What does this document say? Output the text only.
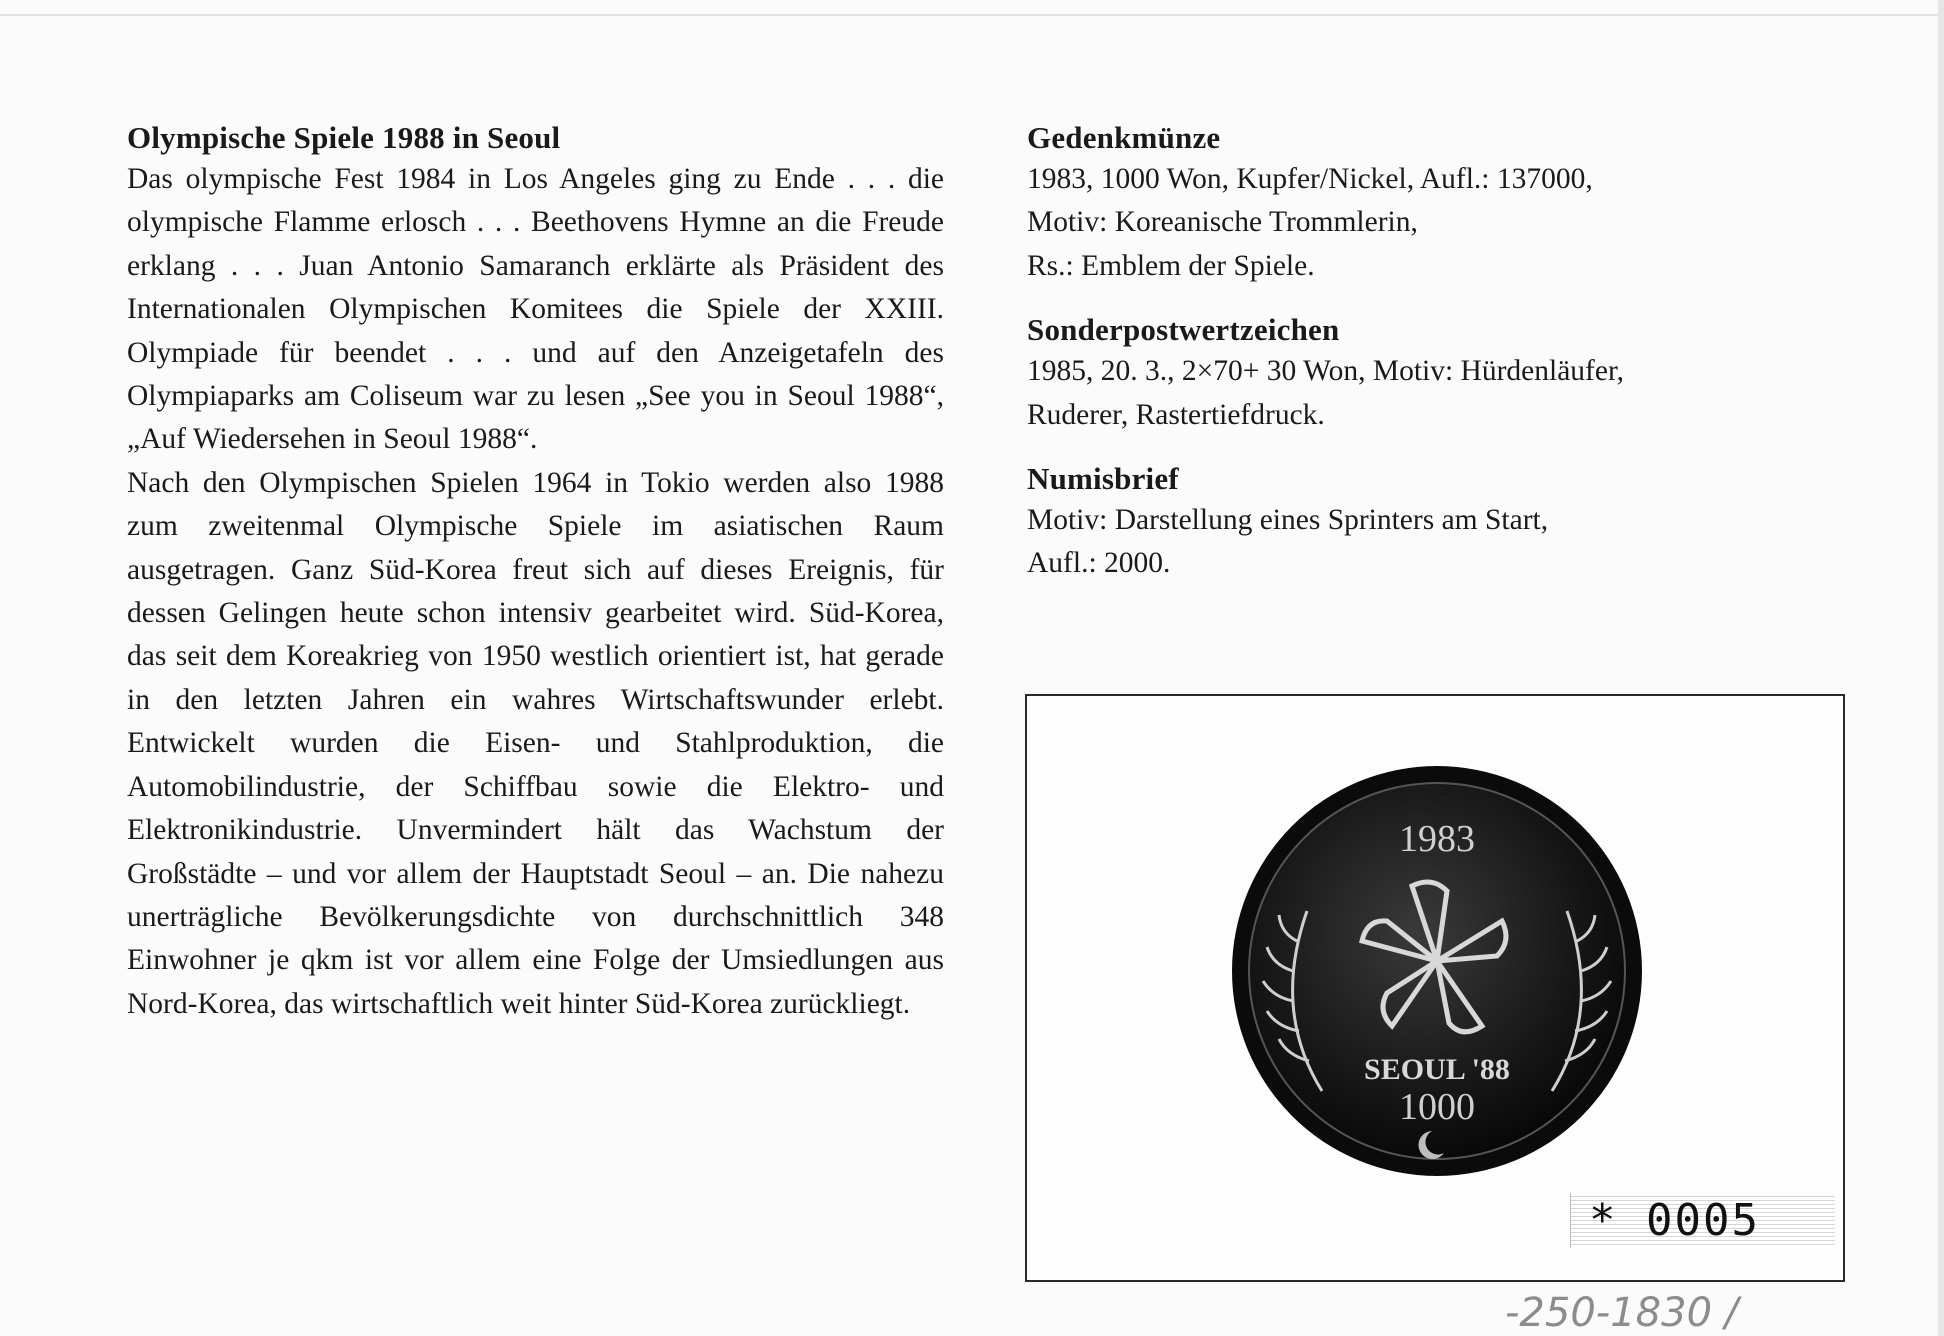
Olympische Spiele 1988 in Seoul

Das olympische Fest 1984 in Los Angeles ging zu Ende . . . die olympische Flamme erlosch . . . Beethovens Hymne an die Freude erklang . . . Juan Antonio Samaranch erklärte als Präsident des Internationalen Olympischen Komitees die Spiele der XXIII. Olympiade für beendet . . . und auf den Anzeigetafeln des Olympiaparks am Coliseum war zu lesen „See you in Seoul 1988“, „Auf Wiedersehen in Seoul 1988“.

Nach den Olympischen Spielen 1964 in Tokio werden also 1988 zum zweitenmal Olympische Spiele im asiatischen Raum ausgetragen. Ganz Süd-Korea freut sich auf dieses Ereignis, für dessen Gelingen heute schon intensiv gearbeitet wird. Süd-Korea, das seit dem Koreakrieg von 1950 westlich orientiert ist, hat gerade in den letzten Jahren ein wahres Wirtschaftswunder erlebt. Entwickelt wurden die Eisen- und Stahlproduktion, die Automobilindustrie, der Schiffbau sowie die Elektro- und Elektronikindustrie. Unvermindert hält das Wachstum der Großstädte – und vor allem der Hauptstadt Seoul – an. Die nahezu unerträgliche Bevölkerungsdichte von durchschnittlich 348 Einwohner je qkm ist vor allem eine Folge der Umsiedlungen aus Nord-Korea, das wirtschaftlich weit hinter Süd-Korea zurückliegt.

Gedenkmünze

1983, 1000 Won, Kupfer/Nickel, Aufl.: 137000,

Motiv: Koreanische Trommlerin,

Rs.: Emblem der Spiele.

Sonderpostwertzeichen

1985, 20. 3., 2×70+ 30 Won, Motiv: Hürdenläufer,

Ruderer, Rastertiefdruck.

Numisbrief

Motiv: Darstellung eines Sprinters am Start,

Aufl.: 2000.

1983
SEOUL '88
1000
* 0005
-250-1830 /
